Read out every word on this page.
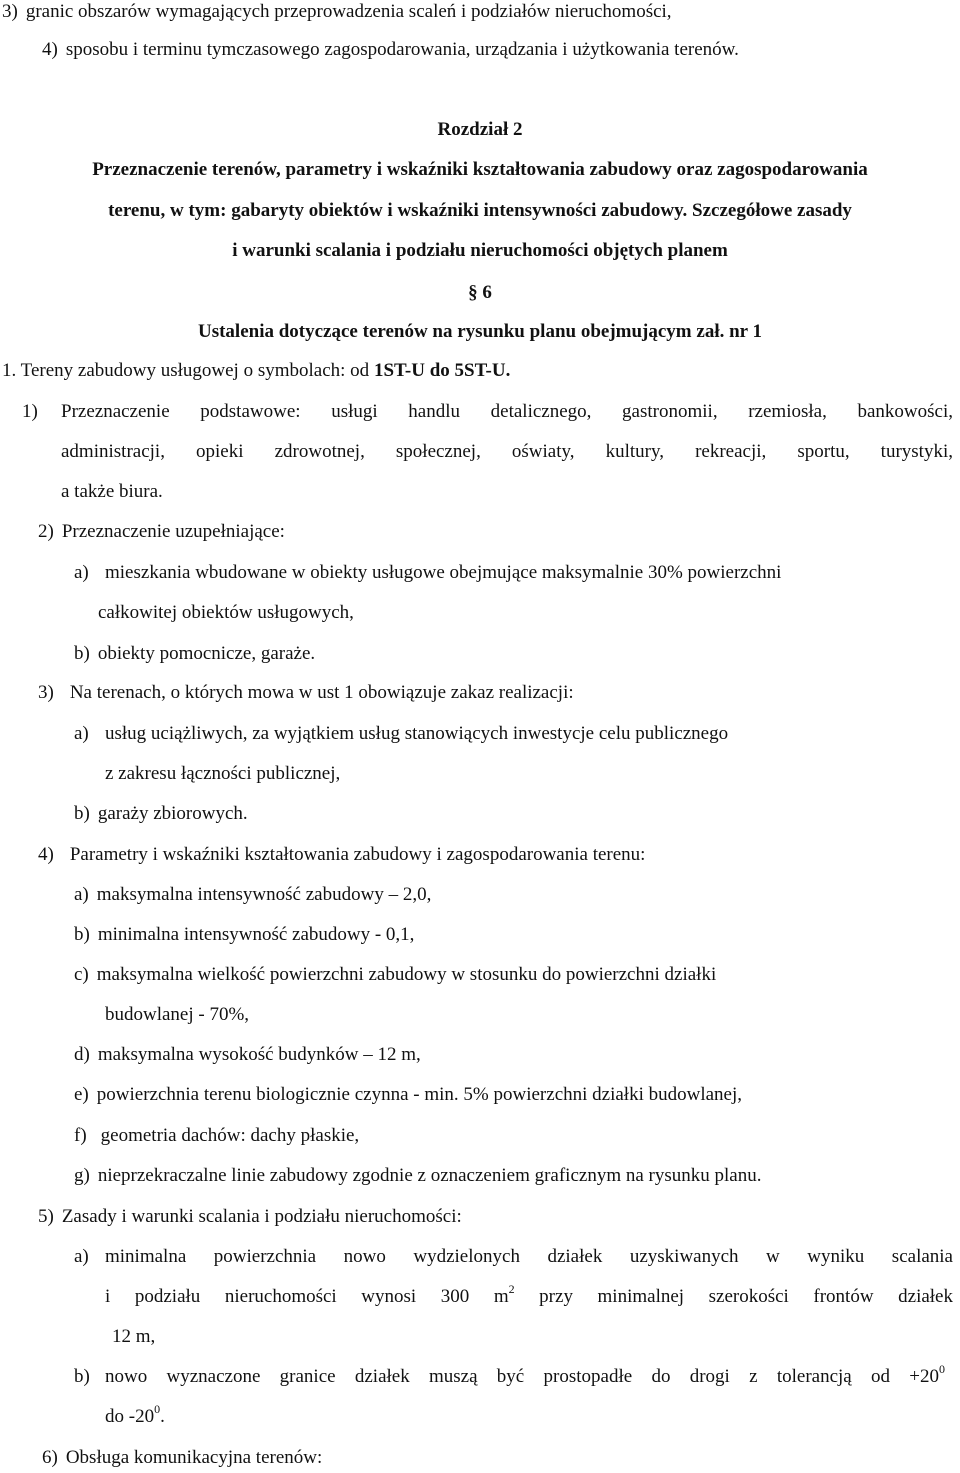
3) granic obszarów wymagających przeprowadzenia scaleń i podziałów nieruchomości,

4) sposobu i terminu tymczasowego zagospodarowania, urządzania i użytkowania terenów.

Rozdział 2

Przeznaczenie terenów, parametry i wskaźniki kształtowania zabudowy oraz zagospodarowania

terenu, w tym: gabaryty obiektów i wskaźniki intensywności zabudowy. Szczegółowe zasady

i warunki scalania i podziału nieruchomości objętych planem

§ 6

Ustalenia dotyczące terenów na rysunku planu obejmującym zał. nr 1

1. Tereny zabudowy usługowej o symbolach: od 1ST-U do 5ST-U.

1) Przeznaczenie podstawowe: usługi handlu detalicznego, gastronomii, rzemiosła, bankowości,

administracji, opieki zdrowotnej, społecznej, oświaty, kultury, rekreacji, sportu, turystyki,

a także biura.

2) Przeznaczenie uzupełniające:

a) mieszkania wbudowane w obiekty usługowe obejmujące maksymalnie 30% powierzchni

całkowitej obiektów usługowych,

b) obiekty pomocnicze, garaże.

3) Na terenach, o których mowa w ust 1 obowiązuje zakaz realizacji:

a) usług uciążliwych, za wyjątkiem usług stanowiących inwestycje celu publicznego

z zakresu łączności publicznej,

b) garaży zbiorowych.

4) Parametry i wskaźniki kształtowania zabudowy i zagospodarowania terenu:

a) maksymalna intensywność zabudowy – 2,0,

b) minimalna intensywność zabudowy - 0,1,

c) maksymalna wielkość powierzchni zabudowy w stosunku do powierzchni działki

budowlanej - 70%,

d) maksymalna wysokość budynków – 12 m,

e) powierzchnia terenu biologicznie czynna - min. 5% powierzchni działki budowlanej,

f) geometria dachów: dachy płaskie,

g) nieprzekraczalne linie zabudowy zgodnie z oznaczeniem graficznym na rysunku planu.

5) Zasady i warunki scalania i podziału nieruchomości:

a) minimalna powierzchnia nowo wydzielonych działek uzyskiwanych w wyniku scalania

i podziału nieruchomości wynosi 300 $m^2$ przy minimalnej szerokości frontów działek

12 m,

b) nowo wyznaczone granice działek muszą być prostopadłe do drogi z tolerancją od $+20^0$

do $-20^0$.

6) Obsługa komunikacyjna terenów:
